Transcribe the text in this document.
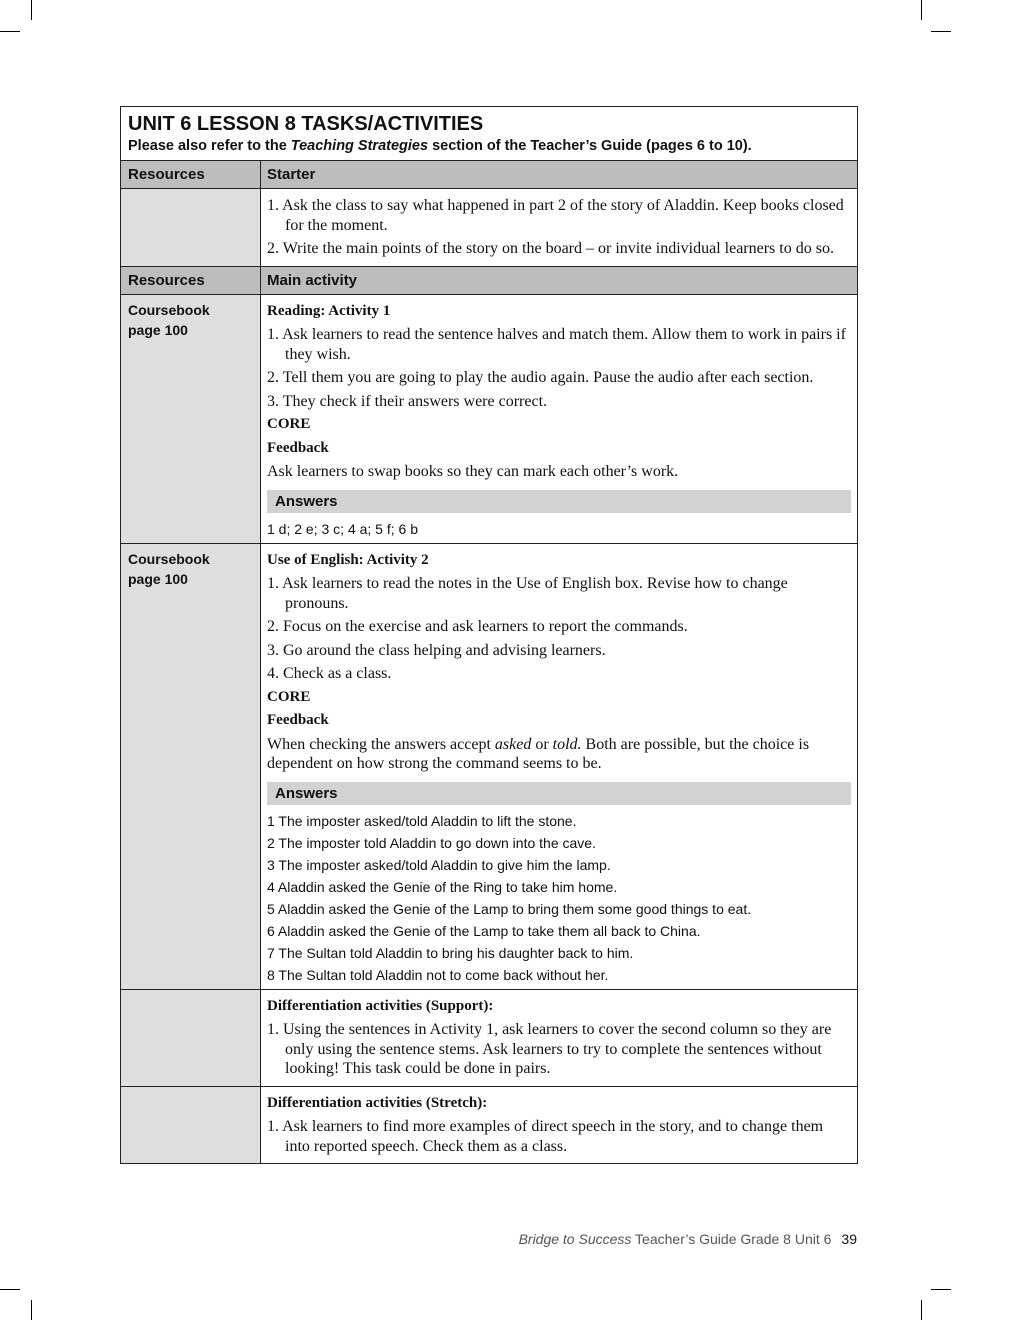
UNIT 6 LESSON 8 TASKS/ACTIVITIES
Please also refer to the Teaching Strategies section of the Teacher’s Guide (pages 6 to 10).
Resources	Starter
1. Ask the class to say what happened in part 2 of the story of Aladdin. Keep books closed for the moment.
2. Write the main points of the story on the board – or invite individual learners to do so.
Resources	Main activity
Coursebook
page 100
Reading: Activity 1
1. Ask learners to read the sentence halves and match them. Allow them to work in pairs if they wish.
2. Tell them you are going to play the audio again. Pause the audio after each section.
3. They check if their answers were correct.
CORE
Feedback
Ask learners to swap books so they can mark each other’s work.
Answers
1 d; 2 e; 3 c; 4 a; 5 f; 6 b
Coursebook
page 100
Use of English: Activity 2
1. Ask learners to read the notes in the Use of English box. Revise how to change pronouns.
2. Focus on the exercise and ask learners to report the commands.
3. Go around the class helping and advising learners.
4. Check as a class.
CORE
Feedback
When checking the answers accept asked or told. Both are possible, but the choice is dependent on how strong the command seems to be.
Answers
1 The imposter asked/told Aladdin to lift the stone.
2 The imposter told Aladdin to go down into the cave.
3 The imposter asked/told Aladdin to give him the lamp.
4 Aladdin asked the Genie of the Ring to take him home.
5 Aladdin asked the Genie of the Lamp to bring them some good things to eat.
6 Aladdin asked the Genie of the Lamp to take them all back to China.
7 The Sultan told Aladdin to bring his daughter back to him.
8 The Sultan told Aladdin not to come back without her.
Differentiation activities (Support):
1. Using the sentences in Activity 1, ask learners to cover the second column so they are only using the sentence stems. Ask learners to try to complete the sentences without looking! This task could be done in pairs.
Differentiation activities (Stretch):
1. Ask learners to find more examples of direct speech in the story, and to change them into reported speech. Check them as a class.
Bridge to Success Teacher’s Guide Grade 8 Unit 6 39
